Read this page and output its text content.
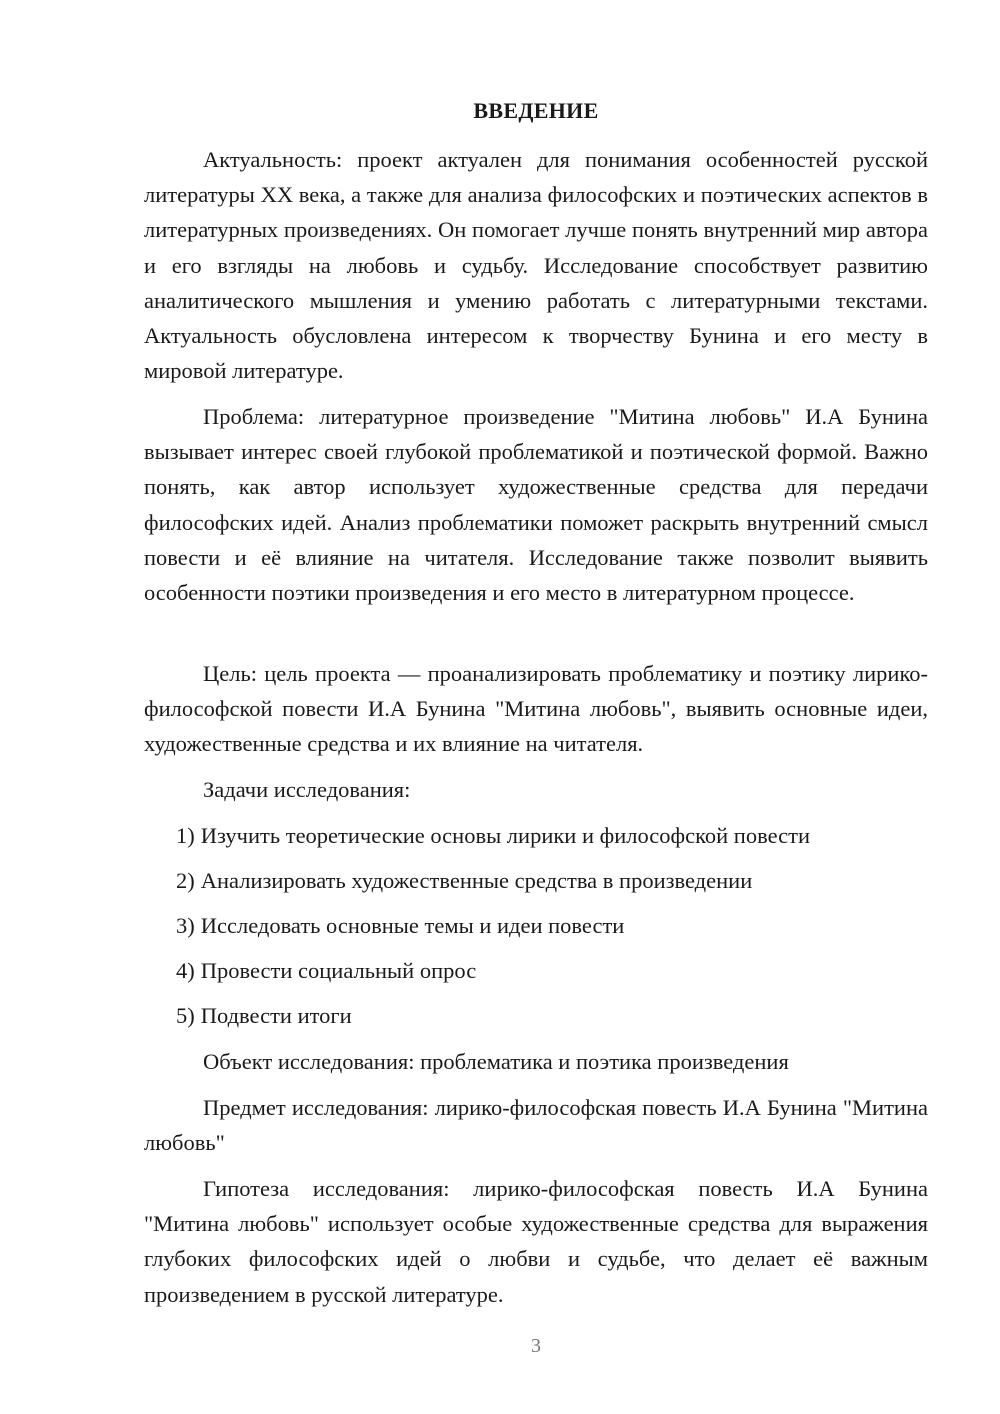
ВВЕДЕНИЕ

Актуальность: проект актуален для понимания особенностей русской литературы XX века, а также для анализа философских и поэтических аспектов в литературных произведениях. Он помогает лучше понять внутренний мир автора и его взгляды на любовь и судьбу. Исследование способствует развитию аналитического мышления и умению работать с литературными текстами. Актуальность обусловлена интересом к творчеству Бунина и его месту в мировой литературе.

Проблема: литературное произведение "Митина любовь" И.А Бунина вызывает интерес своей глубокой проблематикой и поэтической формой. Важно понять, как автор использует художественные средства для передачи философских идей. Анализ проблематики поможет раскрыть внутренний смысл повести и её влияние на читателя. Исследование также позволит выявить особенности поэтики произведения и его место в литературном процессе.

Цель: цель проекта — проанализировать проблематику и поэтику лирико-философской повести И.А Бунина "Митина любовь", выявить основные идеи, художественные средства и их влияние на читателя.

Задачи исследования:

1) Изучить теоретические основы лирики и философской повести

2) Анализировать художественные средства в произведении

3) Исследовать основные темы и идеи повести

4) Провести социальный опрос

5) Подвести итоги

Объект исследования: проблематика и поэтика произведения

Предмет исследования: лирико-философская повесть И.А Бунина "Митина любовь"

Гипотеза исследования: лирико-философская повесть И.А Бунина "Митина любовь" использует особые художественные средства для выражения глубоких философских идей о любви и судьбе, что делает её важным произведением в русской литературе.

3
